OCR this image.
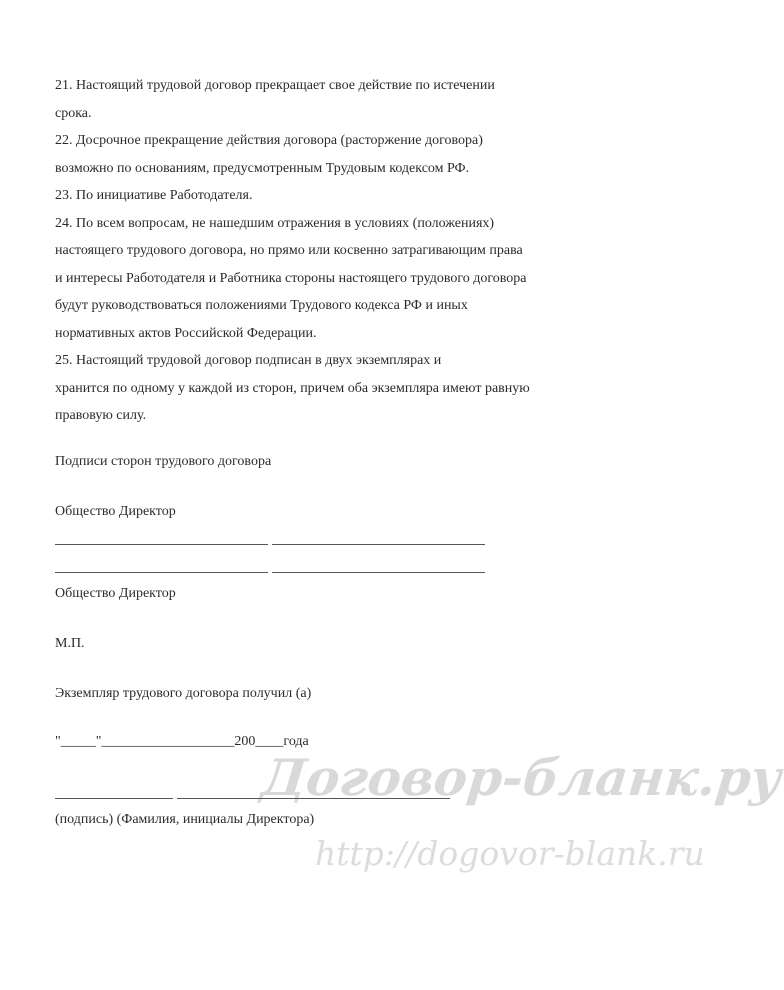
21. Настоящий трудовой договор прекращает свое действие по истечении
срока.
22. Досрочное прекращение действия договора (расторжение договора)
возможно по основаниям, предусмотренным Трудовым кодексом РФ.
23. По инициативе Работодателя.
24. По всем вопросам, не нашедшим отражения в условиях (положениях)
настоящего трудового договора, но прямо или косвенно затрагивающим права
и интересы Работодателя и Работника стороны настоящего трудового договора
будут руководствоваться положениями Трудового кодекса РФ и иных
нормативных актов Российской Федерации.
25. Настоящий трудовой договор подписан в двух экземплярах и
хранится по одному у каждой из сторон, причем оба экземпляра имеют равную
правовую силу.
Подписи сторон трудового договора
Общество Директор
Общество Директор
М.П.
Экземпляр трудового договора получил (а)
"_____"___________________200____года
Договор-бланк.ру
(подпись) (Фамилия, инициалы Директора)
http://dogovor-blank.ru
